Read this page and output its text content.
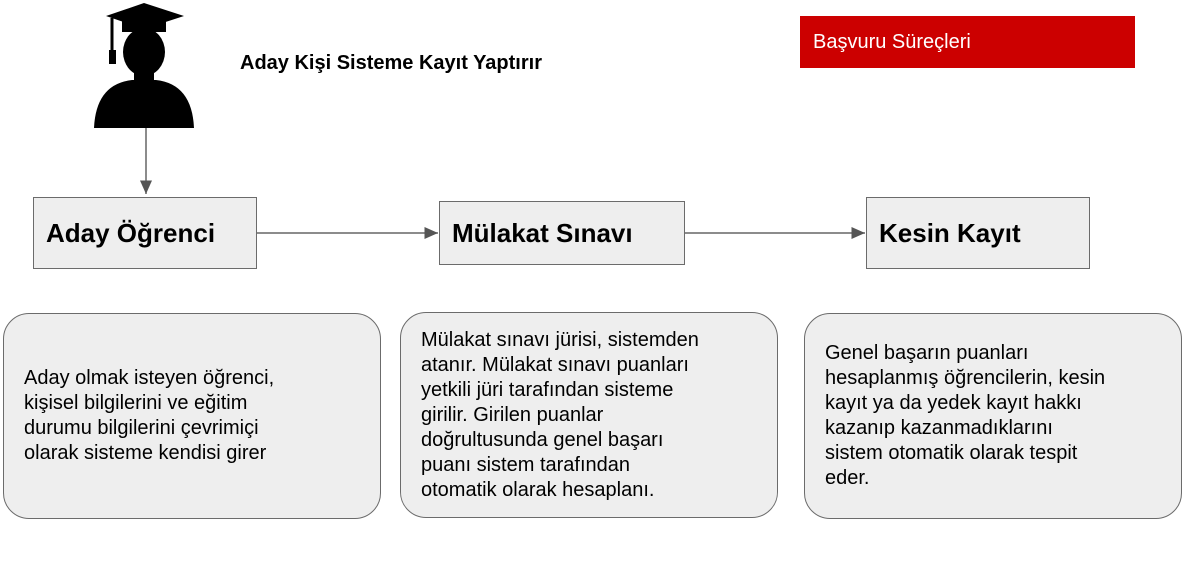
Başvuru Süreçleri
Aday Kişi Sisteme Kayıt Yaptırır
Aday Öğrenci	Mülakat Sınavı	Kesin Kayıt
Aday olmak isteyen öğrenci,
kişisel bilgilerini ve eğitim
durumu bilgilerini çevrimiçi
olarak sisteme kendisi girer
Mülakat sınavı jürisi, sistemden
atanır. Mülakat sınavı puanları
yetkili jüri tarafından sisteme
girilir. Girilen puanlar
doğrultusunda genel başarı
puanı sistem tarafından
otomatik olarak hesaplanı.
Genel başarın puanları
hesaplanmış öğrencilerin, kesin
kayıt ya da yedek kayıt hakkı
kazanıp kazanmadıklarını
sistem otomatik olarak tespit
eder.
